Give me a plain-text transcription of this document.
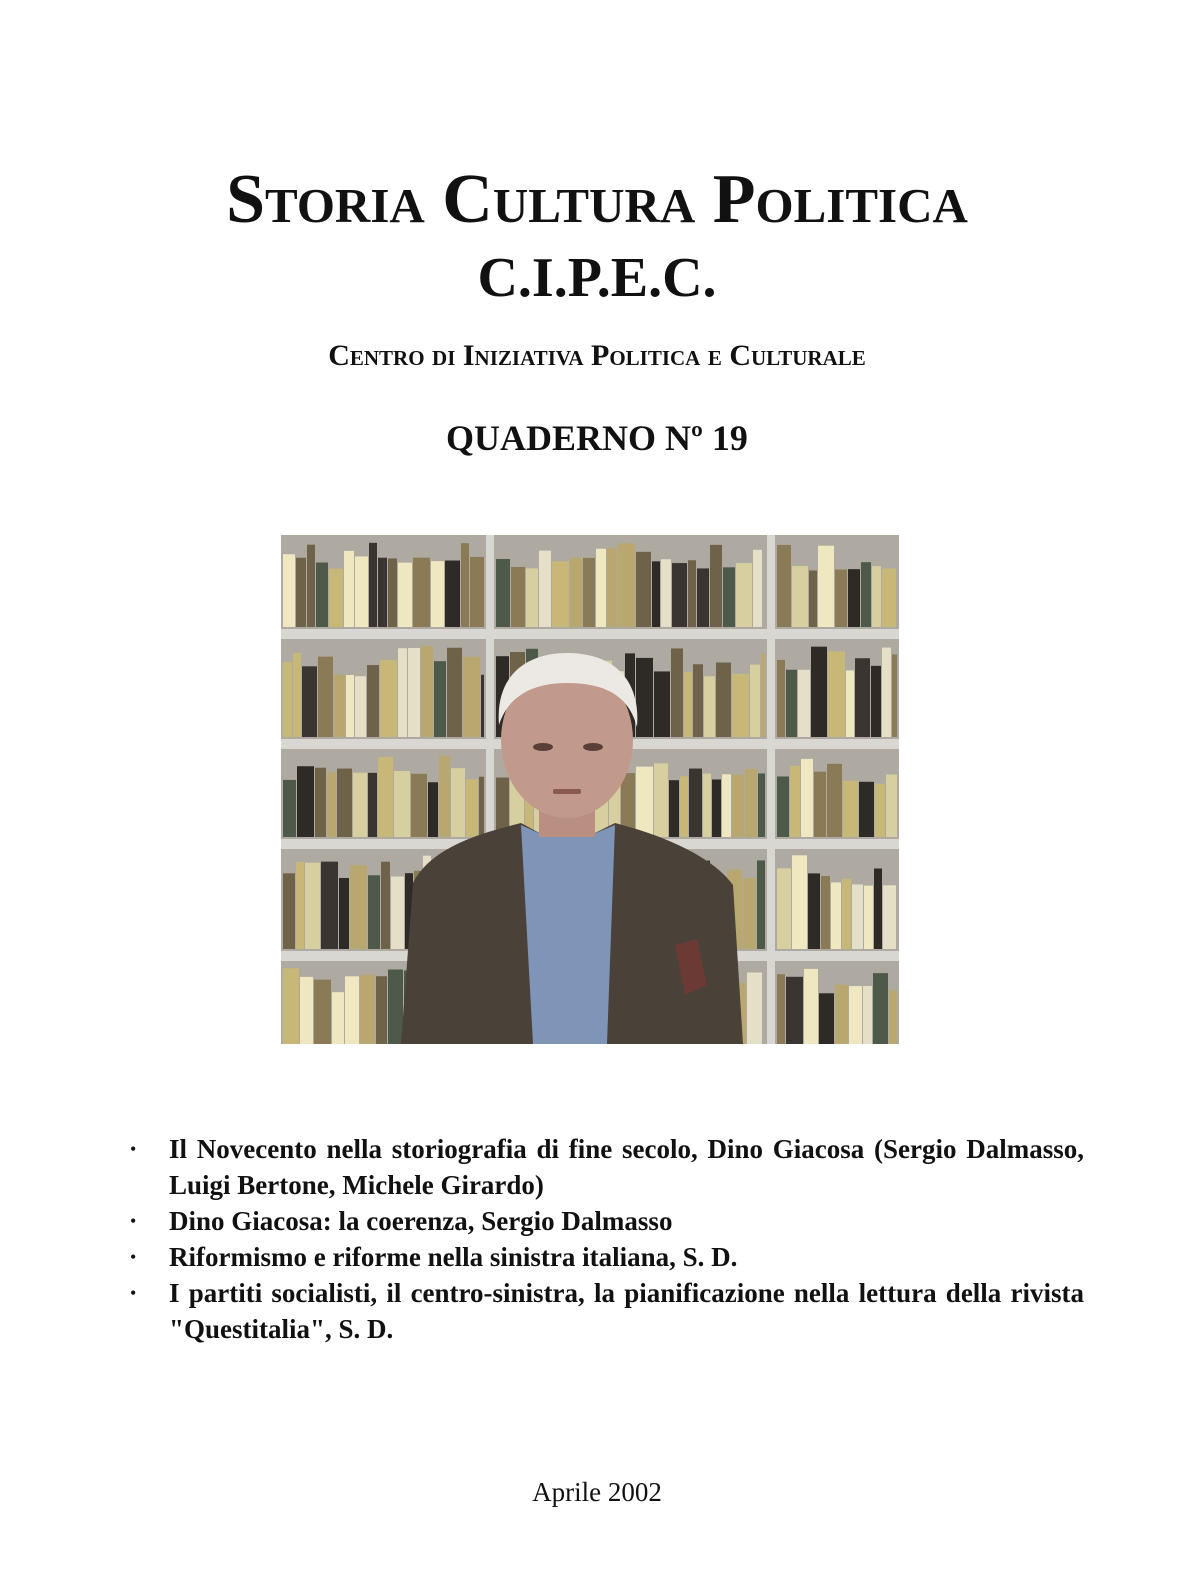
Storia Cultura Politica
C.I.P.E.C.
Centro di Iniziativa Politica e Culturale
QUADERNO Nº 19
• Il Novecento nella storiografia di fine secolo, Dino Giacosa (Sergio Dalmasso, Luigi Bertone, Michele Girardo)
• Dino Giacosa: la coerenza, Sergio Dalmasso
• Riformismo e riforme nella sinistra italiana, S. D.
• I partiti socialisti, il centro-sinistra, la pianificazione nella lettura della rivista "Questitalia", S. D.

Aprile 2002
